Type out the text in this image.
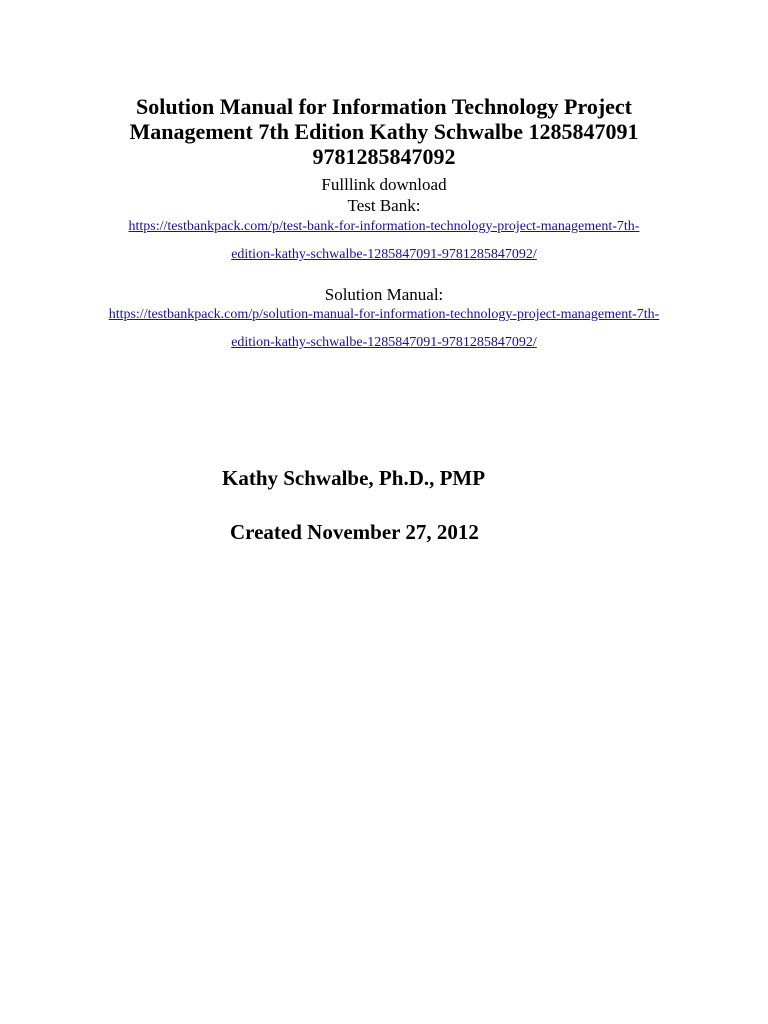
Solution Manual for Information Technology Project
Management 7th Edition Kathy Schwalbe 1285847091
9781285847092
Fulllink download
Test Bank:
https://testbankpack.com/p/test-bank-for-information-technology-project-management-7th-
edition-kathy-schwalbe-1285847091-9781285847092/
Solution Manual:
https://testbankpack.com/p/solution-manual-for-information-technology-project-management-7th-
edition-kathy-schwalbe-1285847091-9781285847092/
Kathy Schwalbe, Ph.D., PMP
Created November 27, 2012
